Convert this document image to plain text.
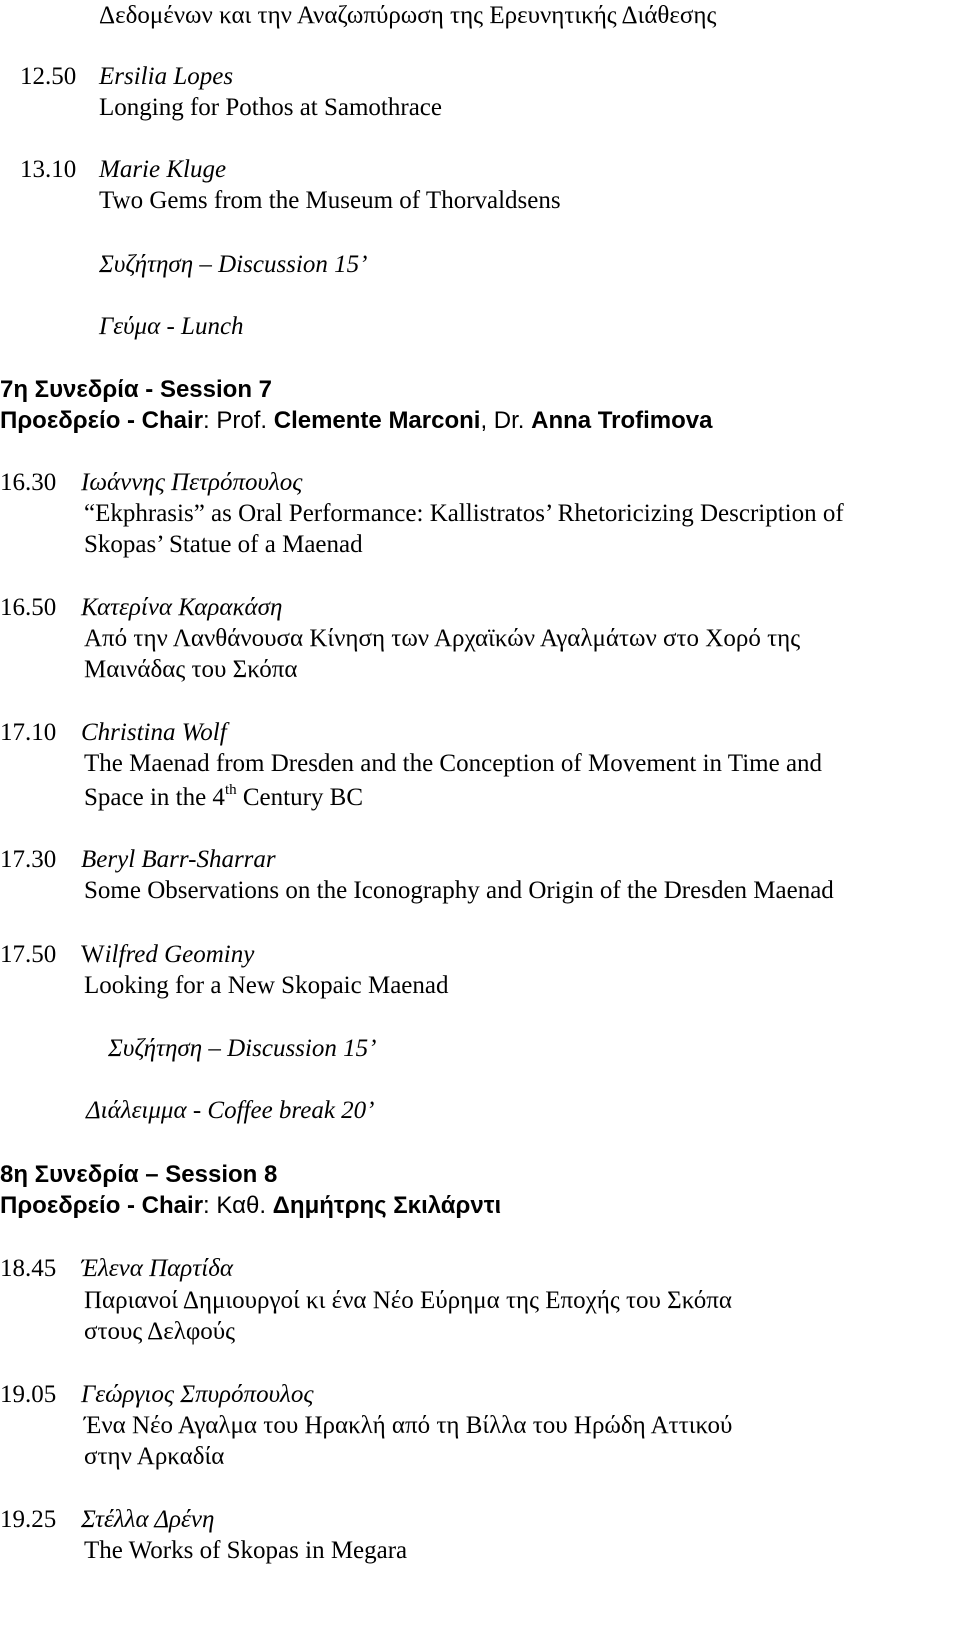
Δεδομένων και την Αναζωπύρωση της Ερευνητικής Διάθεσης
12.50 Ersilia Lopes
Longing for Pothos at Samothrace
13.10 Marie Kluge
Two Gems from the Museum of Thorvaldsens
Συζήτηση – Discussion 15’
Γεύμα - Lunch
7η Συνεδρία - Session 7
Προεδρείο - Chair: Prof. Clemente Marconi, Dr. Anna Trofimova
16.30 Ιωάννης Πετρόπουλος
“Ekphrasis” as Oral Performance: Kallistratos’ Rhetoricizing Description of
Skopas’ Statue of a Maenad
16.50 Κατερίνα Καρακάση
Από την Λανθάνουσα Κίνηση των Αρχαϊκών Αγαλμάτων στο Χορό της
Μαινάδας του Σκόπα
17.10 Christina Wolf
The Maenad from Dresden and the Conception of Movement in Time and
Space in the 4th Century BC
17.30 Beryl Barr-Sharrar
Some Observations on the Iconography and Origin of the Dresden Maenad
17.50 Wilfred Geominy
Looking for a New Skopaic Maenad
Συζήτηση – Discussion 15’
Διάλειμμα - Coffee break 20’
8η Συνεδρία – Session 8
Προεδρείο - Chair: Καθ. Δημήτρης Σκιλάρντι
18.45 Έλενα Παρτίδα
Παριανοί Δημιουργοί κι ένα Νέο Εύρημα της Εποχής του Σκόπα
στους Δελφούς
19.05 Γεώργιος Σπυρόπουλος
Ένα Νέο Αγαλμα του Ηρακλή από τη Βίλλα του Ηρώδη Αττικού
στην Αρκαδία
19.25 Στέλλα Δρένη
The Works of Skopas in Megara
